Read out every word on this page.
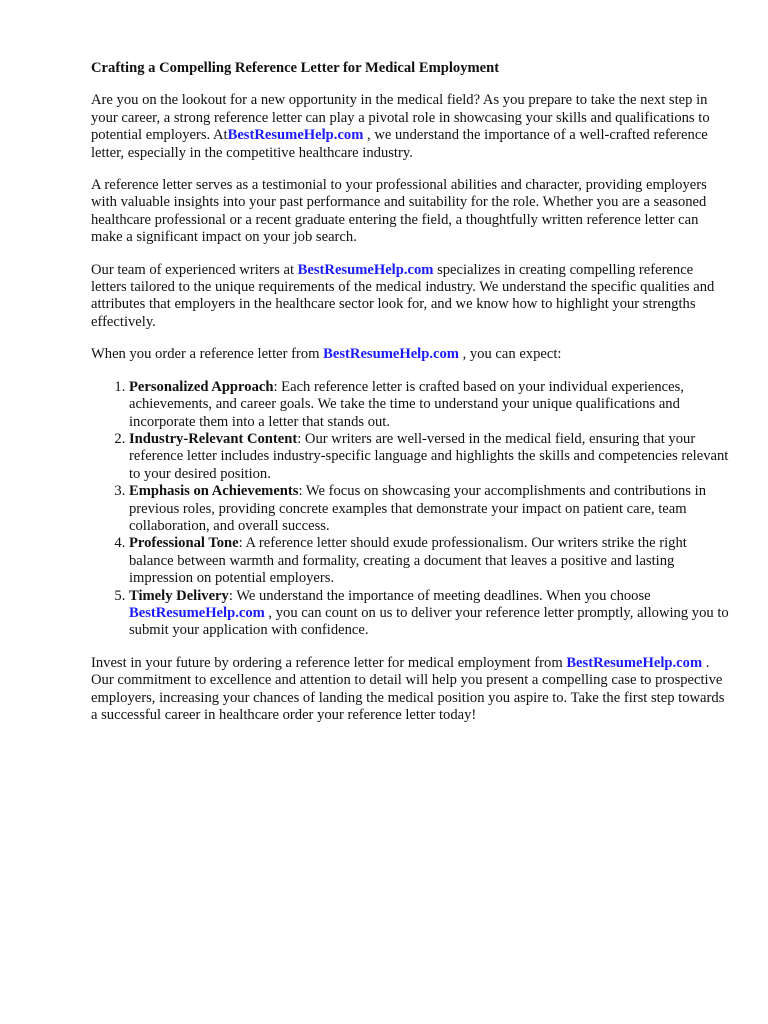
Crafting a Compelling Reference Letter for Medical Employment

Are you on the lookout for a new opportunity in the medical field? As you prepare to take the next step in your career, a strong reference letter can play a pivotal role in showcasing your skills and qualifications to potential employers. AtBestResumeHelp.com , we understand the importance of a well-crafted reference letter, especially in the competitive healthcare industry.

A reference letter serves as a testimonial to your professional abilities and character, providing employers with valuable insights into your past performance and suitability for the role. Whether you are a seasoned healthcare professional or a recent graduate entering the field, a thoughtfully written reference letter can make a significant impact on your job search.

Our team of experienced writers at BestResumeHelp.com specializes in creating compelling reference letters tailored to the unique requirements of the medical industry. We understand the specific qualities and attributes that employers in the healthcare sector look for, and we know how to highlight your strengths effectively.

When you order a reference letter from BestResumeHelp.com , you can expect:

1. Personalized Approach: Each reference letter is crafted based on your individual experiences, achievements, and career goals. We take the time to understand your unique qualifications and incorporate them into a letter that stands out.
2. Industry-Relevant Content: Our writers are well-versed in the medical field, ensuring that your reference letter includes industry-specific language and highlights the skills and competencies relevant to your desired position.
3. Emphasis on Achievements: We focus on showcasing your accomplishments and contributions in previous roles, providing concrete examples that demonstrate your impact on patient care, team collaboration, and overall success.
4. Professional Tone: A reference letter should exude professionalism. Our writers strike the right balance between warmth and formality, creating a document that leaves a positive and lasting impression on potential employers.
5. Timely Delivery: We understand the importance of meeting deadlines. When you choose BestResumeHelp.com , you can count on us to deliver your reference letter promptly, allowing you to submit your application with confidence.

Invest in your future by ordering a reference letter for medical employment from BestResumeHelp.com . Our commitment to excellence and attention to detail will help you present a compelling case to prospective employers, increasing your chances of landing the medical position you aspire to. Take the first step towards a successful career in healthcare order your reference letter today!
